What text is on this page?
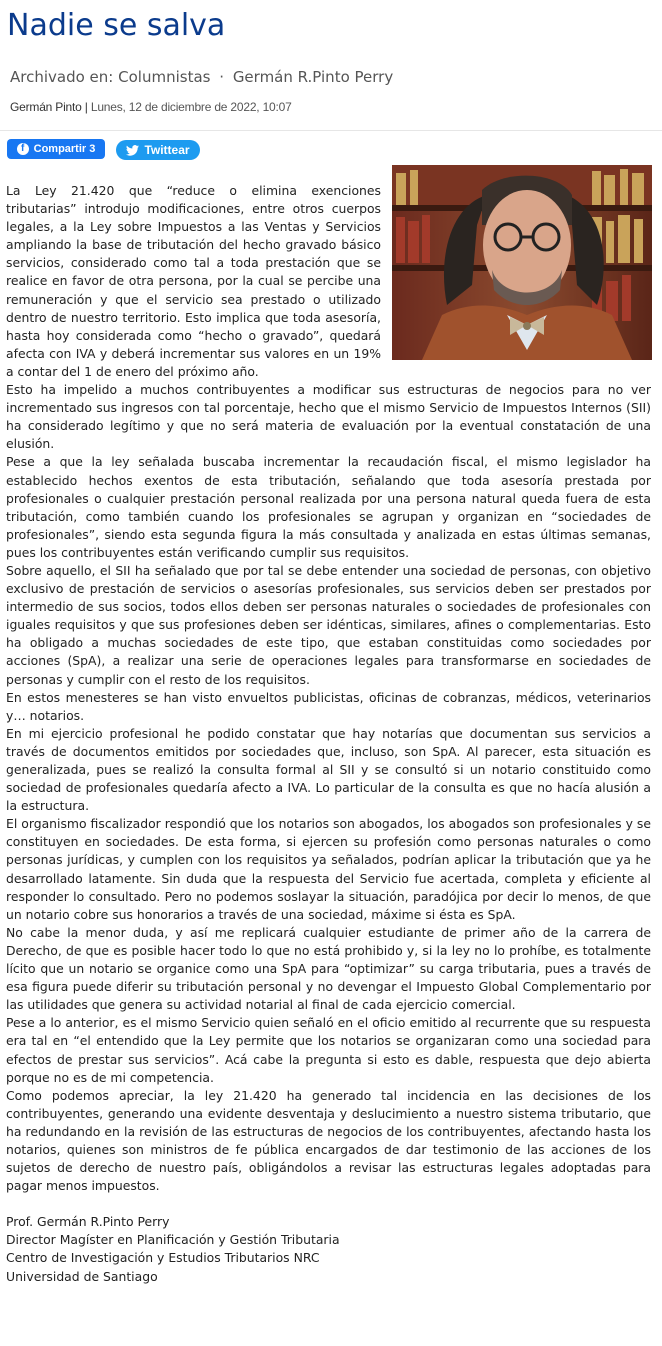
Nadie se salva
Archivado en: Columnistas · Germán R.Pinto Perry
Germán Pinto | Lunes, 12 de diciembre de 2022, 10:07
f Compartir 3	Twittear

La Ley 21.420 que “reduce o elimina exenciones tributarias” introdujo modificaciones, entre otros cuerpos legales, a la Ley sobre Impuestos a las Ventas y Servicios ampliando la base de tributación del hecho gravado básico servicios, considerado como tal a toda prestación que se realice en favor de otra persona, por la cual se percibe una remuneración y que el servicio sea prestado o utilizado dentro de nuestro territorio. Esto implica que toda asesoría, hasta hoy considerada como “hecho o gravado”, quedará afecta con IVA y deberá incrementar sus valores en un 19% a contar del 1 de enero del próximo año.

Esto ha impelido a muchos contribuyentes a modificar sus estructuras de negocios para no ver incrementado sus ingresos con tal porcentaje, hecho que el mismo Servicio de Impuestos Internos (SII) ha considerado legítimo y que no será materia de evaluación por la eventual constatación de una elusión.

Pese a que la ley señalada buscaba incrementar la recaudación fiscal, el mismo legislador ha establecido hechos exentos de esta tributación, señalando que toda asesoría prestada por profesionales o cualquier prestación personal realizada por una persona natural queda fuera de esta tributación, como también cuando los profesionales se agrupan y organizan en “sociedades de profesionales”, siendo esta segunda figura la más consultada y analizada en estas últimas semanas, pues los contribuyentes están verificando cumplir sus requisitos.

Sobre aquello, el SII ha señalado que por tal se debe entender una sociedad de personas, con objetivo exclusivo de prestación de servicios o asesorías profesionales, sus servicios deben ser prestados por intermedio de sus socios, todos ellos deben ser personas naturales o sociedades de profesionales con iguales requisitos y que sus profesiones deben ser idénticas, similares, afines o complementarias. Esto ha obligado a muchas sociedades de este tipo, que estaban constituidas como sociedades por acciones (SpA), a realizar una serie de operaciones legales para transformarse en sociedades de personas y cumplir con el resto de los requisitos.

En estos menesteres se han visto envueltos publicistas, oficinas de cobranzas, médicos, veterinarios y… notarios.

En mi ejercicio profesional he podido constatar que hay notarías que documentan sus servicios a través de documentos emitidos por sociedades que, incluso, son SpA. Al parecer, esta situación es generalizada, pues se realizó la consulta formal al SII y se consultó si un notario constituido como sociedad de profesionales quedaría afecto a IVA. Lo particular de la consulta es que no hacía alusión a la estructura.

El organismo fiscalizador respondió que los notarios son abogados, los abogados son profesionales y se constituyen en sociedades. De esta forma, si ejercen su profesión como personas naturales o como personas jurídicas, y cumplen con los requisitos ya señalados, podrían aplicar la tributación que ya he desarrollado latamente. Sin duda que la respuesta del Servicio fue acertada, completa y eficiente al responder lo consultado. Pero no podemos soslayar la situación, paradójica por decir lo menos, de que un notario cobre sus honorarios a través de una sociedad, máxime si ésta es SpA.

No cabe la menor duda, y así me replicará cualquier estudiante de primer año de la carrera de Derecho, de que es posible hacer todo lo que no está prohibido y, si la ley no lo prohíbe, es totalmente lícito que un notario se organice como una SpA para “optimizar” su carga tributaria, pues a través de esa figura puede diferir su tributación personal y no devengar el Impuesto Global Complementario por las utilidades que genera su actividad notarial al final de cada ejercicio comercial.

Pese a lo anterior, es el mismo Servicio quien señaló en el oficio emitido al recurrente que su respuesta era tal en “el entendido que la Ley permite que los notarios se organizaran como una sociedad para efectos de prestar sus servicios”. Acá cabe la pregunta si esto es dable, respuesta que dejo abierta porque no es de mi competencia.

Como podemos apreciar, la ley 21.420 ha generado tal incidencia en las decisiones de los contribuyentes, generando una evidente desventaja y deslucimiento a nuestro sistema tributario, que ha redundando en la revisión de las estructuras de negocios de los contribuyentes, afectando hasta los notarios, quienes son ministros de fe pública encargados de dar testimonio de las acciones de los sujetos de derecho de nuestro país, obligándolos a revisar las estructuras legales adoptadas para pagar menos impuestos.

Prof. Germán R.Pinto Perry
Director Magíster en Planificación y Gestión Tributaria
Centro de Investigación y Estudios Tributarios NRC
Universidad de Santiago
